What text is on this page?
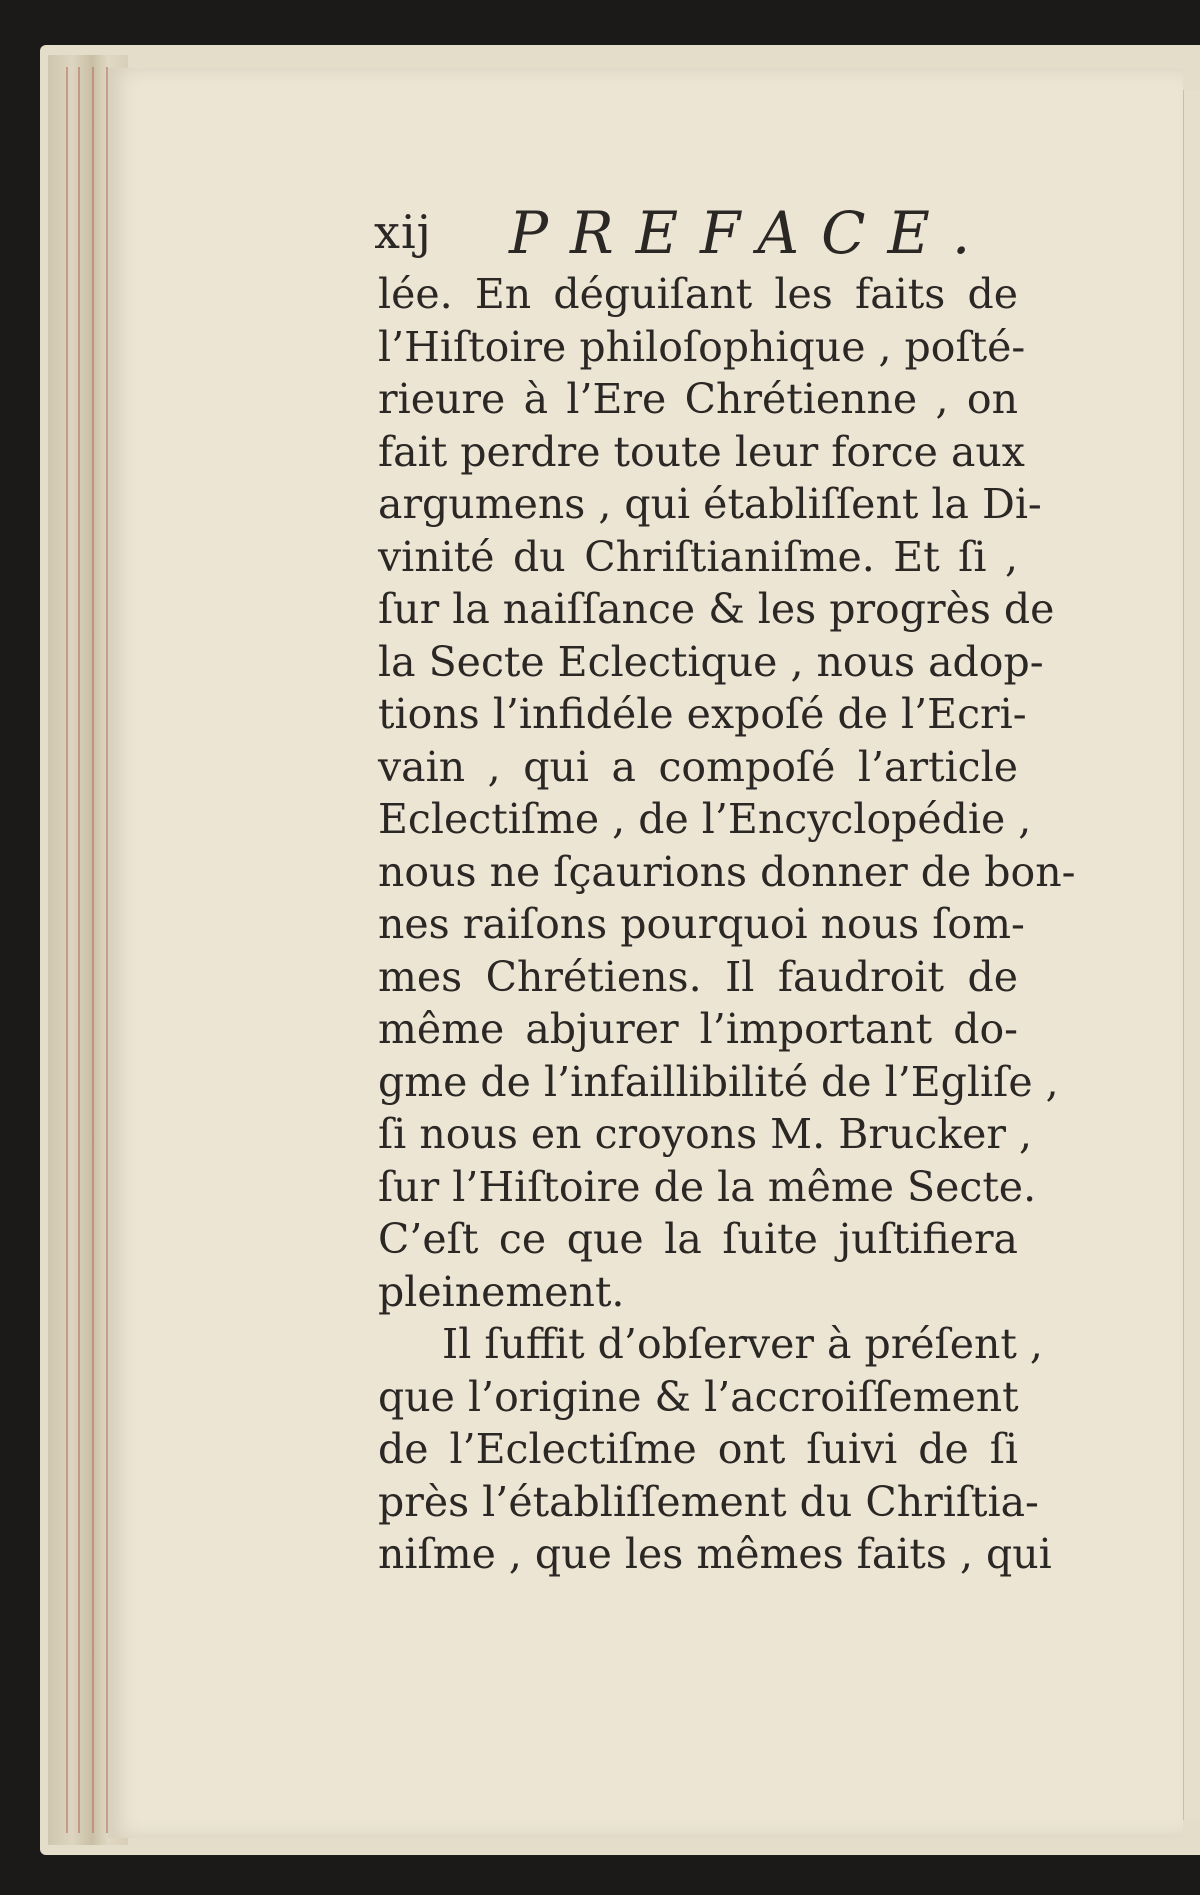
xij PREFACE.
lée. En déguiſant les faits de
l’Hiſtoire philoſophique , poſté-
rieure à l’Ere Chrétienne , on
fait perdre toute leur force aux
argumens , qui établiſſent la Di-
vinité du Chriſtianiſme. Et ſi ,
ſur la naiſſance & les progrès de
la Secte Eclectique , nous adop-
tions l’infidéle expoſé de l’Ecri-
vain , qui a compoſé l’article
Eclectiſme , de l’Encyclopédie ,
nous ne ſçaurions donner de bon-
nes raiſons pourquoi nous ſom-
mes Chrétiens. Il faudroit de
même abjurer l’important do-
gme de l’infaillibilité de l’Egliſe ,
ſi nous en croyons M. Brucker ,
ſur l’Hiſtoire de la même Secte.
C’eſt ce que la ſuite juſtifiera
pleinement.
Il ſuffit d’obſerver à préſent ,
que l’origine & l’accroiſſement
de l’Eclectiſme ont ſuivi de ſi
près l’établiſſement du Chriſtia-
niſme , que les mêmes faits , qui
